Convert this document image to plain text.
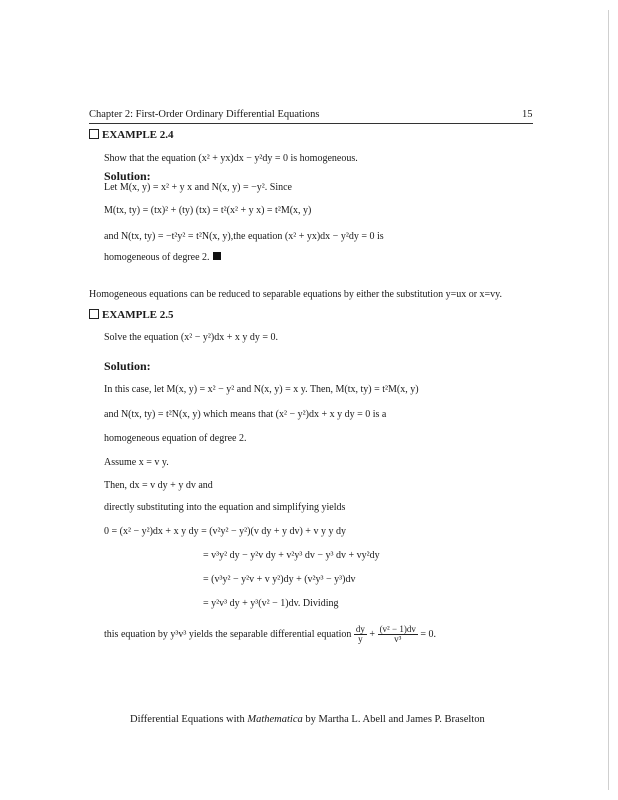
Chapter 2: First-Order Ordinary Differential Equations	15
EXAMPLE 2.4
Show that the equation (x² + yx)dx − y²dy = 0 is homogeneous.
Solution:
Let M(x, y) = x² + y x and N(x, y) = −y². Since
M(tx, ty) = (tx)² + (ty) (tx) = t²(x² + y x) = t²M(x, y)
and N(tx, ty) = −t²y² = t²N(x, y),the equation (x² + yx)dx − y²dy = 0 is
homogeneous of degree 2.
Homogeneous equations can be reduced to separable equations by either the substitution y=ux or x=vy.
EXAMPLE 2.5
Solve the equation (x² − y²)dx + x y dy = 0.
Solution:
In this case, let M(x, y) = x² − y² and N(x, y) = x y. Then, M(tx, ty) = t²M(x, y)
and N(tx, ty) = t²N(x, y) which means that (x² − y²)dx + x y dy = 0 is a
homogeneous equation of degree 2.
Assume x = v y.
Then, dx = v dy + y dv and
directly substituting into the equation and simplifying yields
0 = (x² − y²)dx + x y dy = (v²y² − y²)(v dy + y dv) + v y y dy
= v³y² dy − y²v dy + v²y³ dv − y³ dv + vy²dy
= (v³y² − y²v + v y²)dy + (v²y³ − y³)dv
= y²v³ dy + y³(v² − 1)dv. Dividing
this equation by y³v³ yields the separable differential equation $\frac{dy}{y} + \frac{\text{(v² − 1)dv}}{\text{v³}} = 0$.
Differential Equations with Mathematica by Martha L. Abell and James P. Braselton
